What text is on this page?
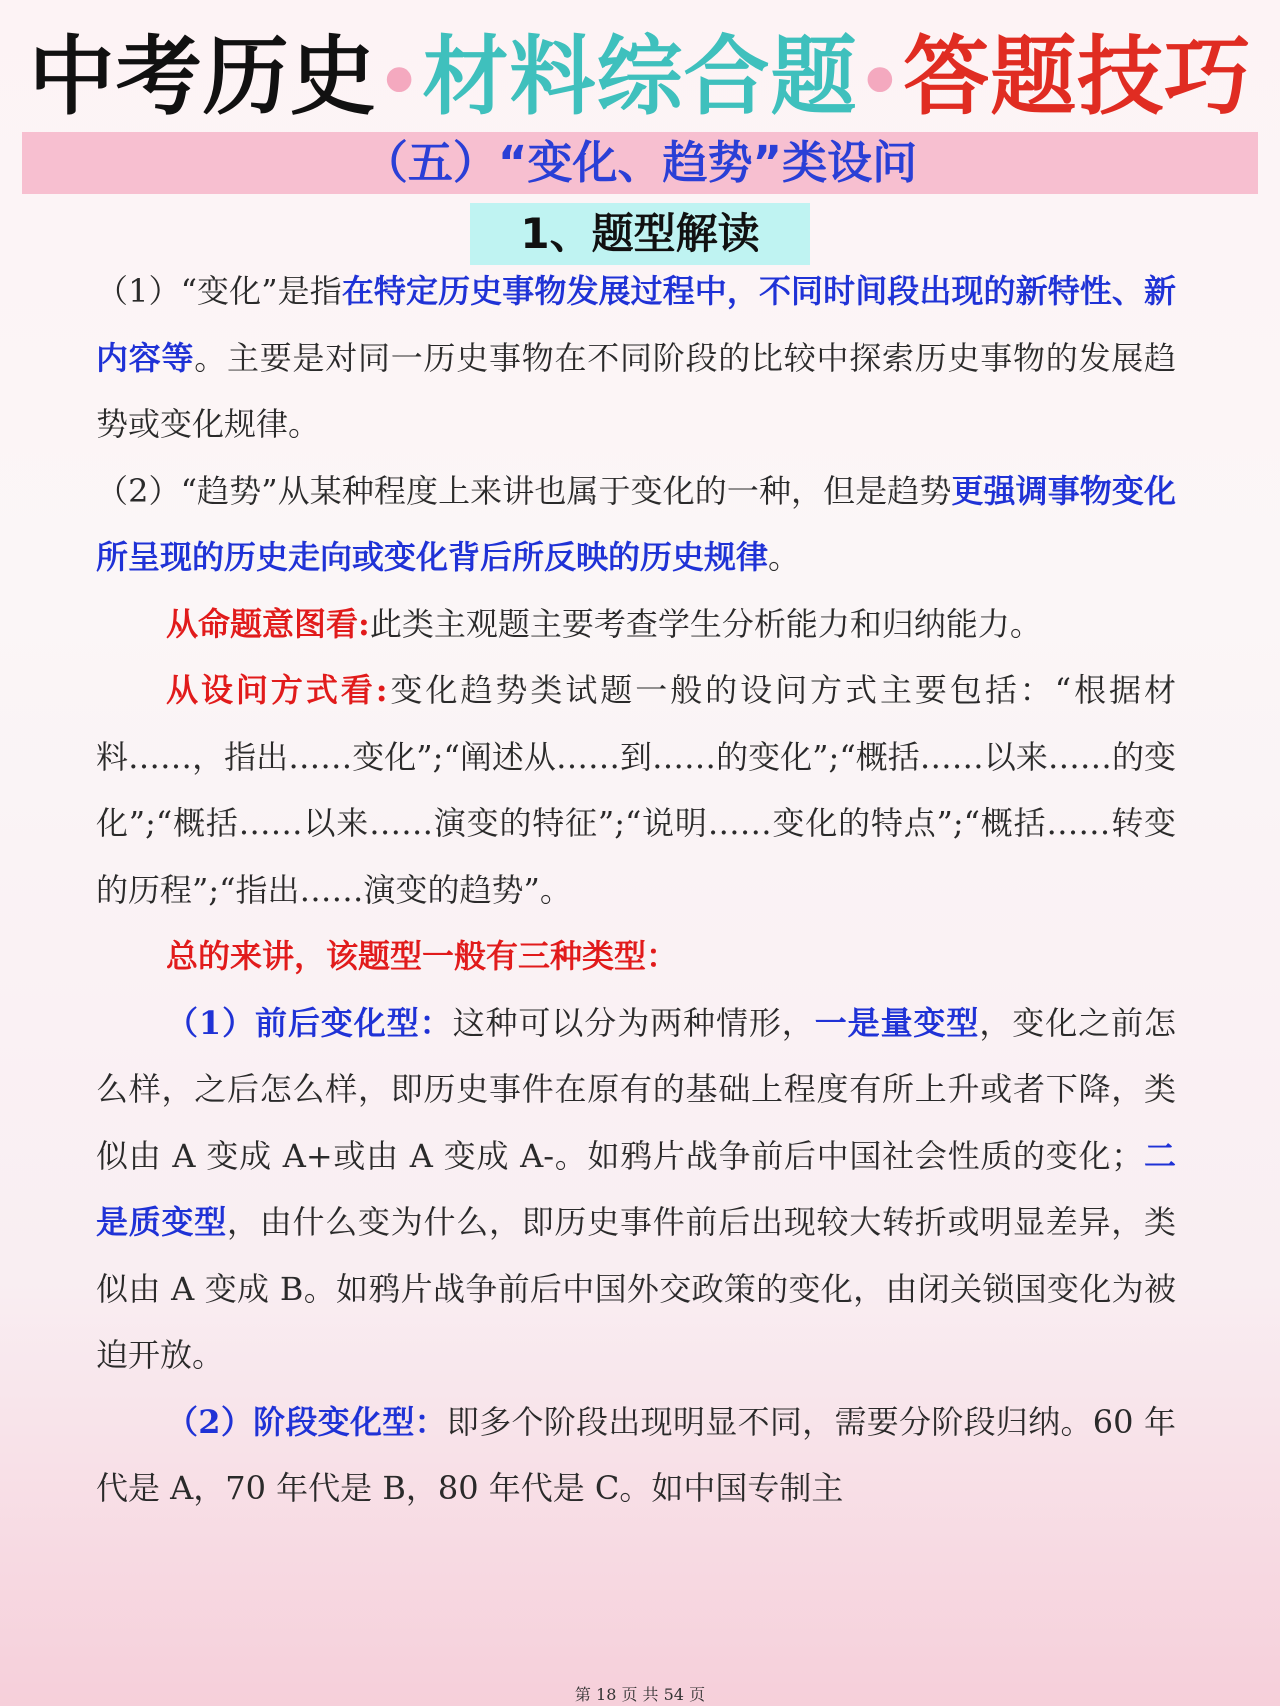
中考历史•材料综合题•答题技巧
（五）“变化、趋势”类设问
1、题型解读

（1）“变化”是指在特定历史事物发展过程中，不同时间段出现的新特性、新内容等。主要是对同一历史事物在不同阶段的比较中探索历史事物的发展趋势或变化规律。

（2）“趋势”从某种程度上来讲也属于变化的一种，但是趋势更强调事物变化所呈现的历史走向或变化背后所反映的历史规律。

从命题意图看:此类主观题主要考查学生分析能力和归纳能力。

从设问方式看:变化趋势类试题一般的设问方式主要包括：“根据材料……，指出……变化”;“阐述从……到……的变化”;“概括……以来……的变化”;“概括……以来……演变的特征”;“说明……变化的特点”;“概括……转变的历程”;“指出……演变的趋势”。

总的来讲，该题型一般有三种类型：

（1）前后变化型：这种可以分为两种情形，一是量变型，变化之前怎么样，之后怎么样，即历史事件在原有的基础上程度有所上升或者下降，类似由 A 变成 A+或由 A 变成 A-。如鸦片战争前后中国社会性质的变化；二是质变型，由什么变为什么，即历史事件前后出现较大转折或明显差异，类似由 A 变成 B。如鸦片战争前后中国外交政策的变化，由闭关锁国变化为被迫开放。

（2）阶段变化型：即多个阶段出现明显不同，需要分阶段归纳。60 年代是 A，70 年代是 B，80 年代是 C。如中国专制主

第 18 页 共 54 页
